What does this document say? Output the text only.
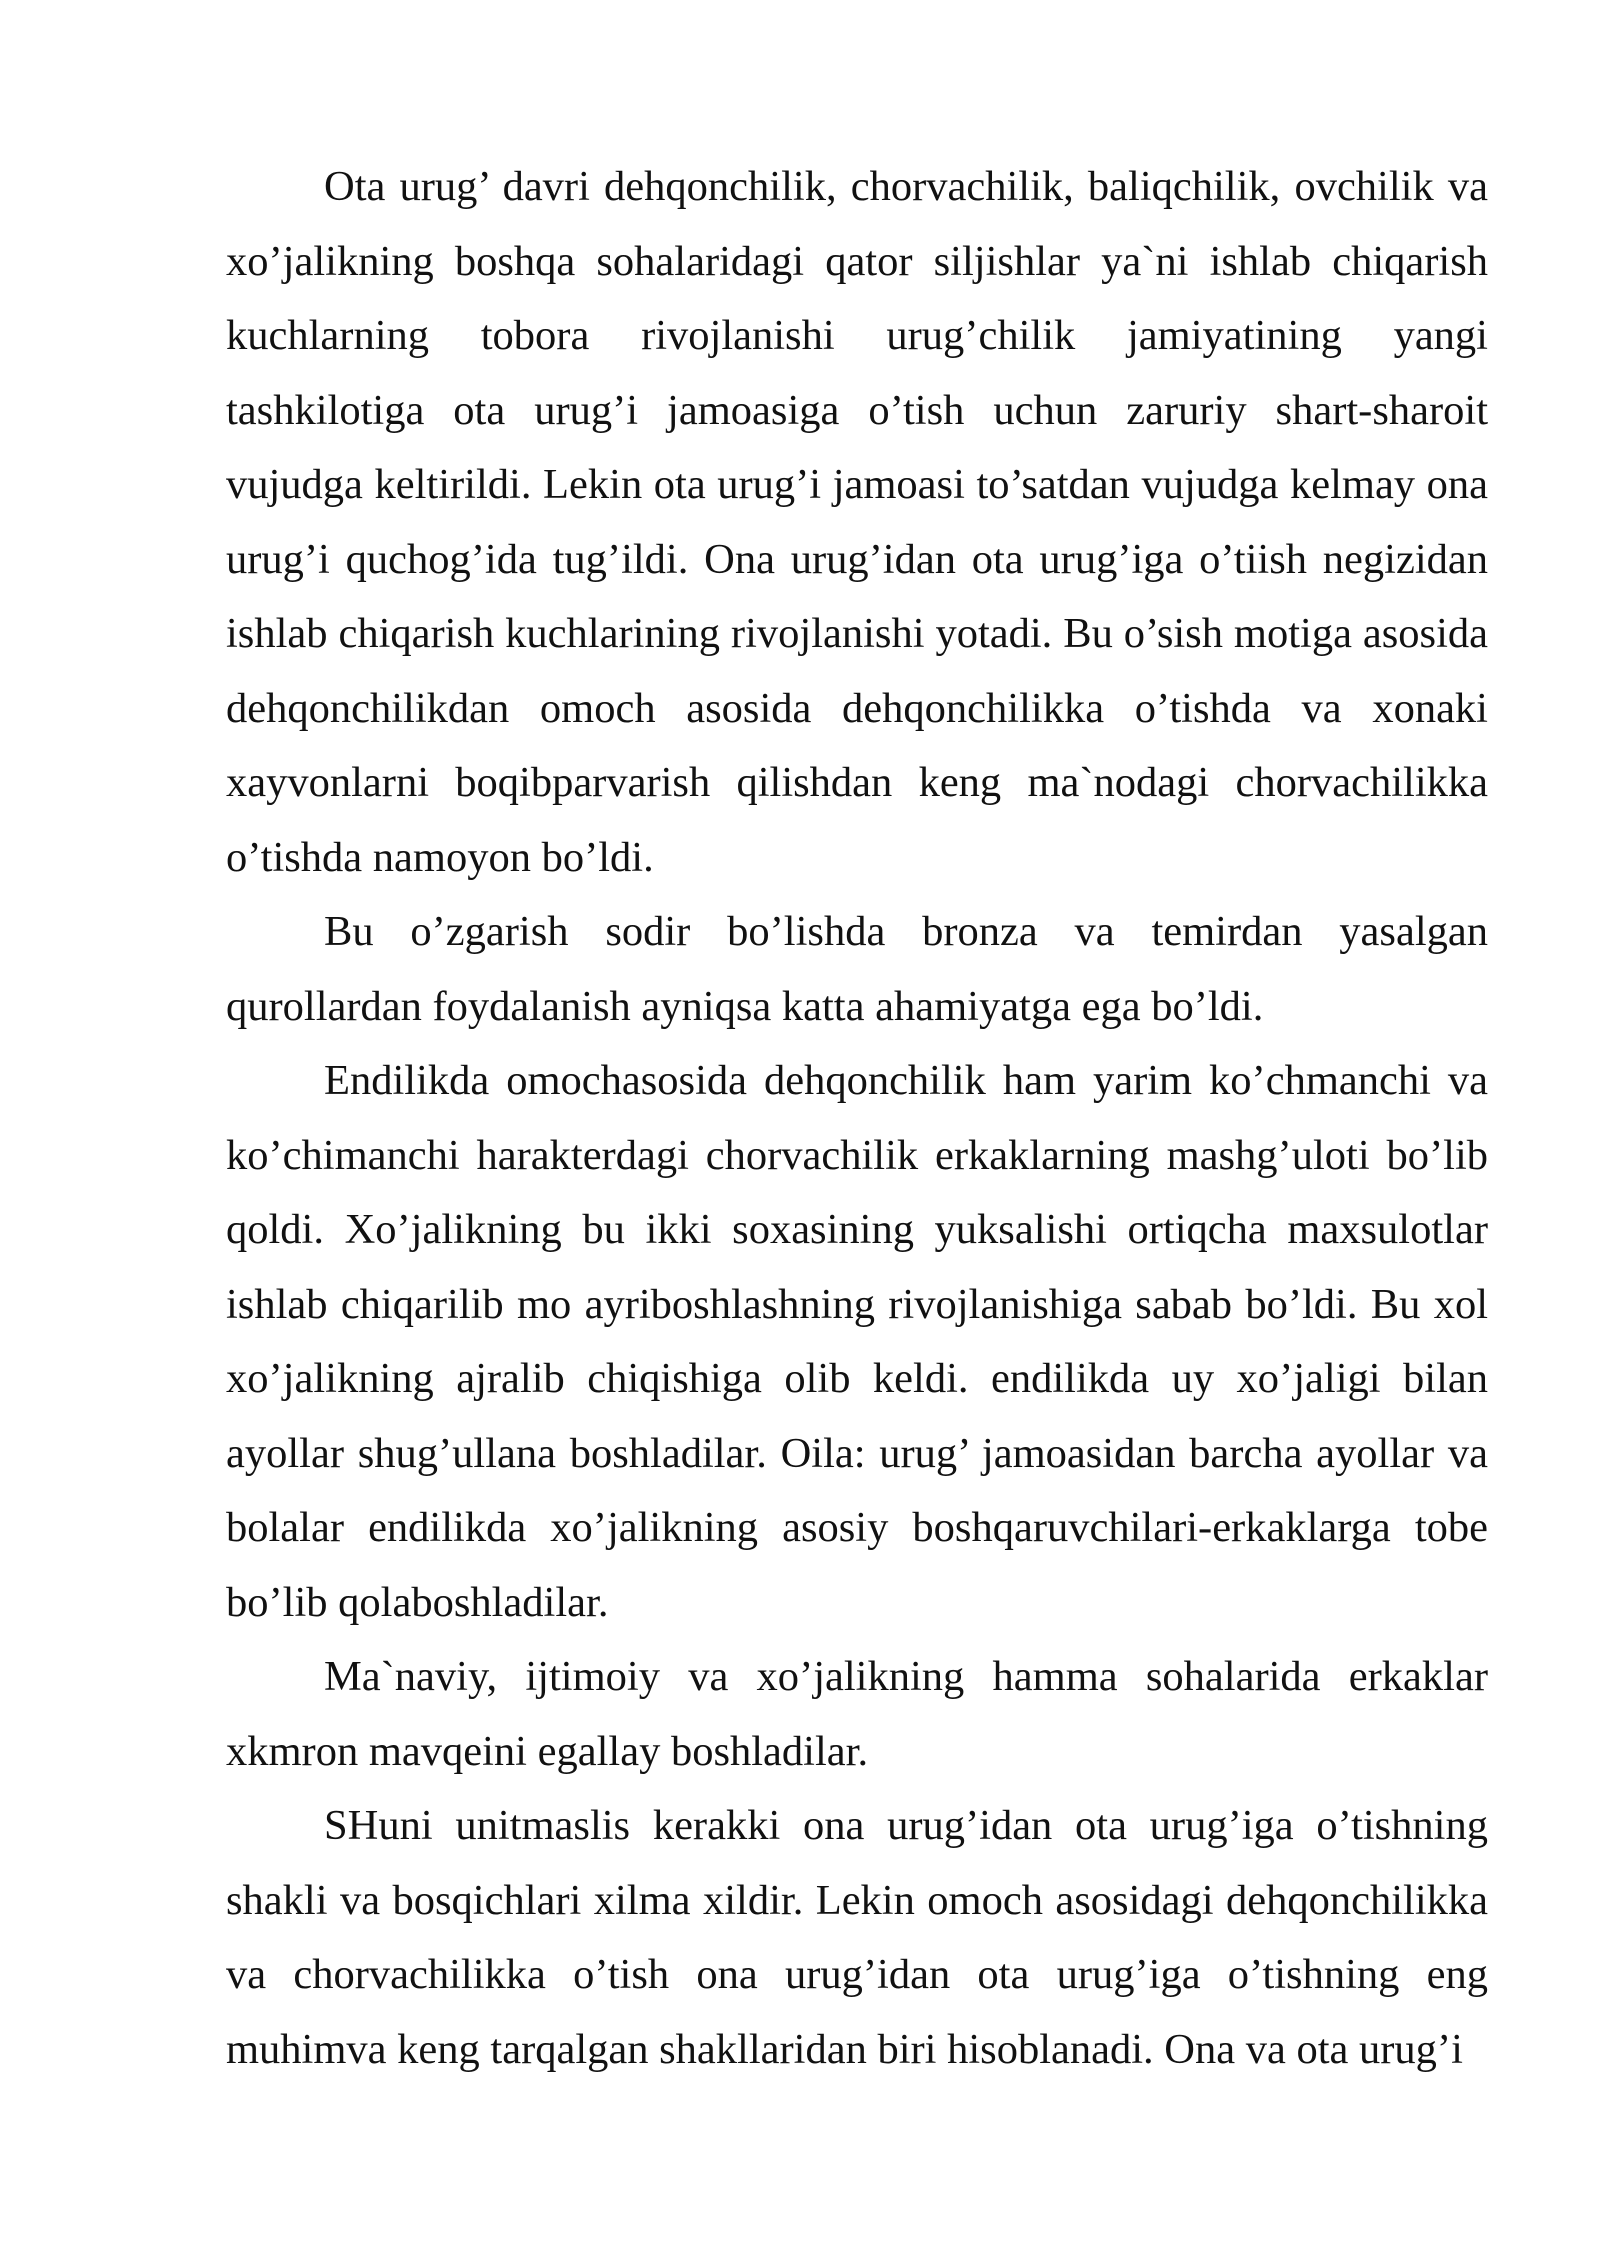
Ota urug’ davri dehqonchilik, chorvachilik, baliqchilik, ovchilik va xo’jalikning boshqa sohalaridagi qator siljishlar ya`ni ishlab chiqarish kuchlarning tobora rivojlanishi urug’chilik jamiyatining yangi tashkilotiga ota urug’i jamoasiga o’tish uchun zaruriy shart-sharoit vujudga keltirildi. Lekin ota urug’i jamoasi to’satdan vujudga kelmay ona urug’i quchog’ida tug’ildi. Ona urug’idan ota urug’iga o’tiish negizidan ishlab chiqarish kuchlarining rivojlanishi yotadi. Bu o’sish motiga asosida dehqonchilikdan omoch asosida dehqonchilikka o’tishda va xonaki xayvonlarni boqibparvarish qilishdan keng ma`nodagi chorvachilikka o’tishda namoyon bo’ldi.

Bu o’zgarish sodir bo’lishda bronza va temirdan yasalgan qurollardan foydalanish ayniqsa katta ahamiyatga ega bo’ldi.

Endilikda omochasosida dehqonchilik ham yarim ko’chmanchi va ko’chimanchi harakterdagi chorvachilik erkaklarning mashg’uloti bo’lib qoldi. Xo’jalikning bu ikki soxasining yuksalishi ortiqcha maxsulotlar ishlab chiqarilib mo ayriboshlashning rivojlanishiga sabab bo’ldi. Bu xol xo’jalikning ajralib chiqishiga olib keldi. endilikda uy xo’jaligi bilan ayollar shug’ullana boshladilar. Oila: urug’ jamoasidan barcha ayollar va bolalar endilikda xo’jalikning asosiy boshqaruvchilari-erkaklarga tobe bo’lib qolaboshladilar.

Ma`naviy, ijtimoiy va xo’jalikning hamma sohalarida erkaklar xkmron mavqeini egallay boshladilar.

SHuni unitmaslis kerakki ona urug’idan ota urug’iga o’tishning shakli va bosqichlari xilma xildir. Lekin omoch asosidagi dehqonchilikka va chorvachilikka o’tish ona urug’idan ota urug’iga o’tishning eng muhimva keng tarqalgan shakllaridan biri hisoblanadi. Ona va ota urug’i
